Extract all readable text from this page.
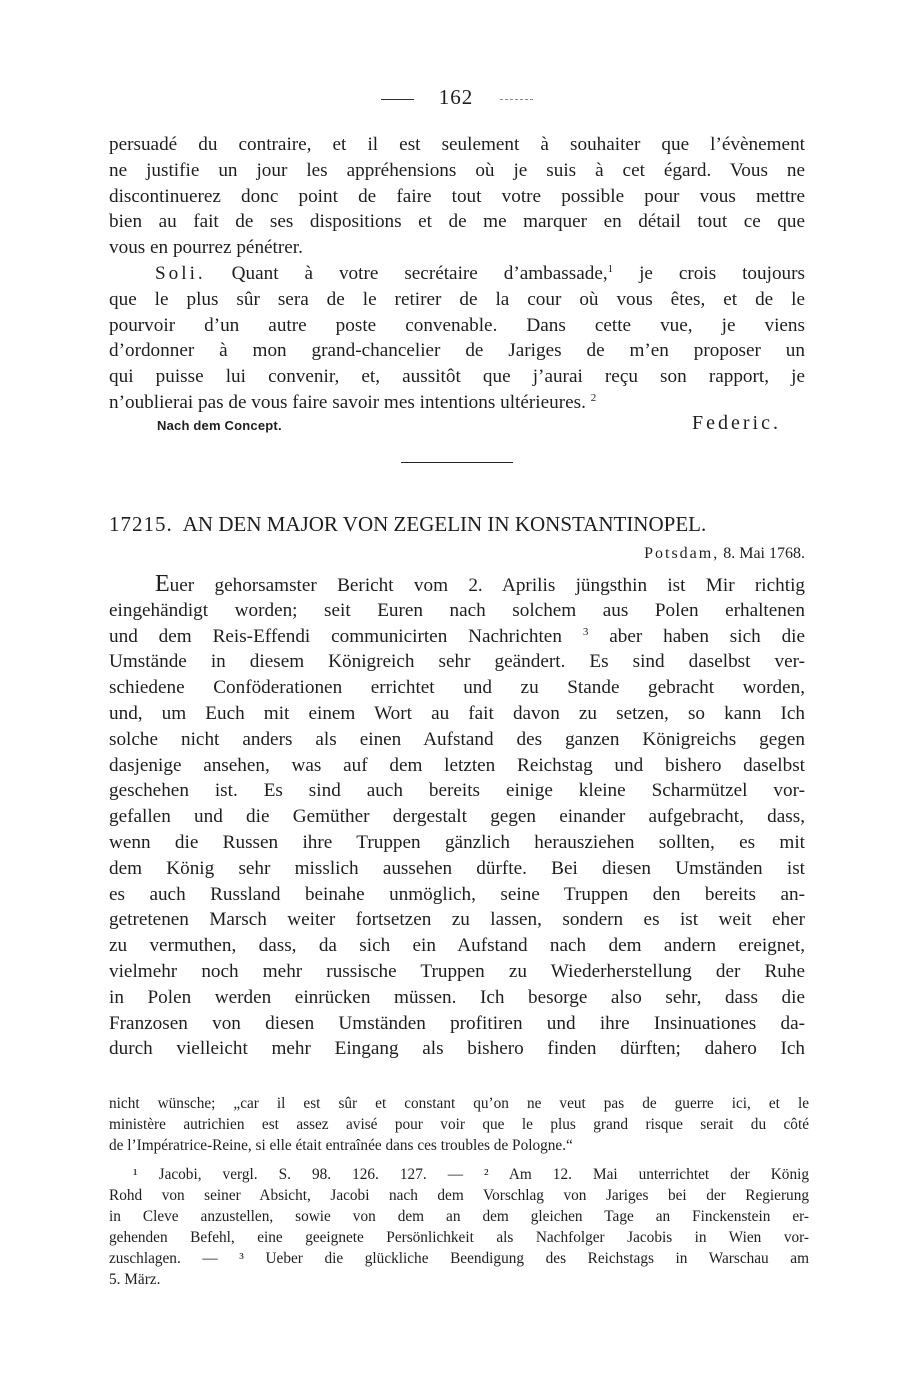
162
persuadé du contraire, et il est seulement à souhaiter que l’évènement
ne justifie un jour les appréhensions où je suis à cet égard. Vous ne
discontinuerez donc point de faire tout votre possible pour vous mettre
bien au fait de ses dispositions et de me marquer en détail tout ce que
vous en pourrez pénétrer.
Soli. Quant à votre secrétaire d’ambassade,$^1$ je crois toujours
que le plus sûr sera de le retirer de la cour où vous êtes, et de le
pourvoir d’un autre poste convenable. Dans cette vue, je viens
d’ordonner à mon grand-chancelier de Jariges de m’en proposer un
qui puisse lui convenir, et, aussitôt que j’aurai reçu son rapport, je
n’oublierai pas de vous faire savoir mes intentions ultérieures. $^2$
Nach dem Concept.	Federic.
17215. AN DEN MAJOR VON ZEGELIN IN KONSTANTINOPEL.
Potsdam, 8. Mai 1768.
Euer gehorsamster Bericht vom 2. Aprilis jüngsthin ist Mir richtig
eingehändigt worden; seit Euren nach solchem aus Polen erhaltenen
und dem Reis-Effendi communicirten Nachrichten $^3$ aber haben sich die
Umstände in diesem Königreich sehr geändert. Es sind daselbst ver-
schiedene Conföderationen errichtet und zu Stande gebracht worden,
und, um Euch mit einem Wort au fait davon zu setzen, so kann Ich
solche nicht anders als einen Aufstand des ganzen Königreichs gegen
dasjenige ansehen, was auf dem letzten Reichstag und bishero daselbst
geschehen ist. Es sind auch bereits einige kleine Scharmützel vor-
gefallen und die Gemüther dergestalt gegen einander aufgebracht, dass,
wenn die Russen ihre Truppen gänzlich herausziehen sollten, es mit
dem König sehr misslich aussehen dürfte. Bei diesen Umständen ist
es auch Russland beinahe unmöglich, seine Truppen den bereits an-
getretenen Marsch weiter fortsetzen zu lassen, sondern es ist weit eher
zu vermuthen, dass, da sich ein Aufstand nach dem andern ereignet,
vielmehr noch mehr russische Truppen zu Wiederherstellung der Ruhe
in Polen werden einrücken müssen. Ich besorge also sehr, dass die
Franzosen von diesen Umständen profitiren und ihre Insinuationes da-
durch vielleicht mehr Eingang als bishero finden dürften; dahero Ich
nicht wünsche; „car il est sûr et constant qu’on ne veut pas de guerre ici, et le
ministère autrichien est assez avisé pour voir que le plus grand risque serait du côté
de l’Impératrice-Reine, si elle était entraînée dans ces troubles de Pologne.“
¹ Jacobi, vergl. S. 98. 126. 127. — ² Am 12. Mai unterrichtet der König
Rohd von seiner Absicht, Jacobi nach dem Vorschlag von Jariges bei der Regierung
in Cleve anzustellen, sowie von dem an dem gleichen Tage an Finckenstein er-
gehenden Befehl, eine geeignete Persönlichkeit als Nachfolger Jacobis in Wien vor-
zuschlagen. — ³ Ueber die glückliche Beendigung des Reichstags in Warschau am
5. März.
